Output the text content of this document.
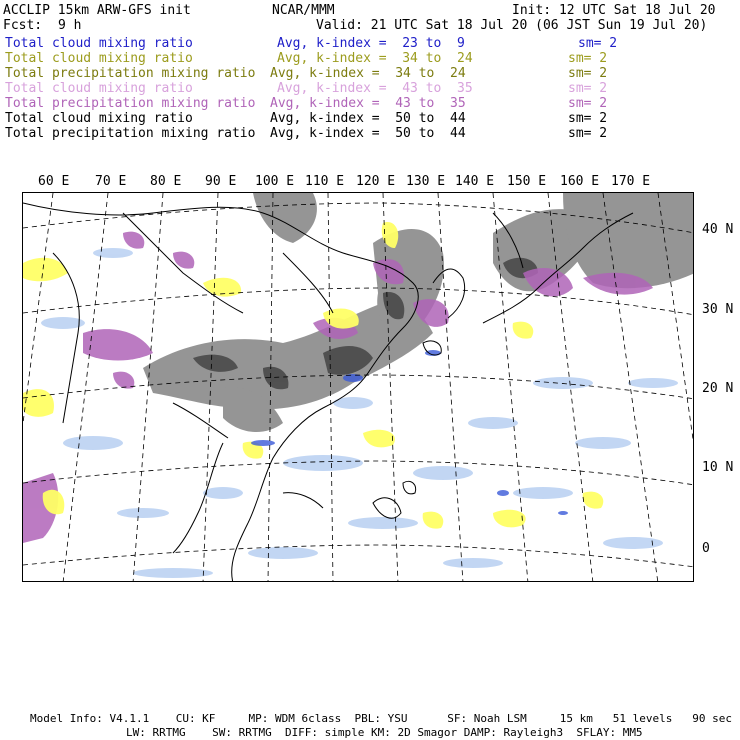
ACCLIP 15km ARW-GFS init	NCAR/MMM	Init: 12 UTC Sat 18 Jul 20
Fcst: 9 h	Valid: 21 UTC Sat 18 Jul 20 (06 JST Sun 19 Jul 20)
Total cloud mixing ratio	Avg, k-index =  23 to  9	sm= 2
Total cloud mixing ratio	Avg, k-index =  34 to  24	sm= 2
Total precipitation mixing ratio Avg, k-index =  34 to  24	sm= 2
Total cloud mixing ratio	Avg, k-index =  43 to  35	sm= 2
Total precipitation mixing ratio Avg, k-index =  43 to  35	sm= 2
Total cloud mixing ratio	Avg, k-index =  50 to  44	sm= 2
Total precipitation mixing ratio Avg, k-index =  50 to  44	sm= 2
60 E 70 E 80 E 90 E 100 E 110 E 120 E 130 E 140 E 150 E 160 E 170 E
40 N
30 N
20 N
10 N
0
Model Info: V4.1.1    CU: KF     MP: WDM 6class  PBL: YSU      SF: Noah LSM     15 km   51 levels   90 sec
LW: RRTMG    SW: RRTMG  DIFF: simple KM: 2D Smagor DAMP: Rayleigh3  SFLAY: MM5
